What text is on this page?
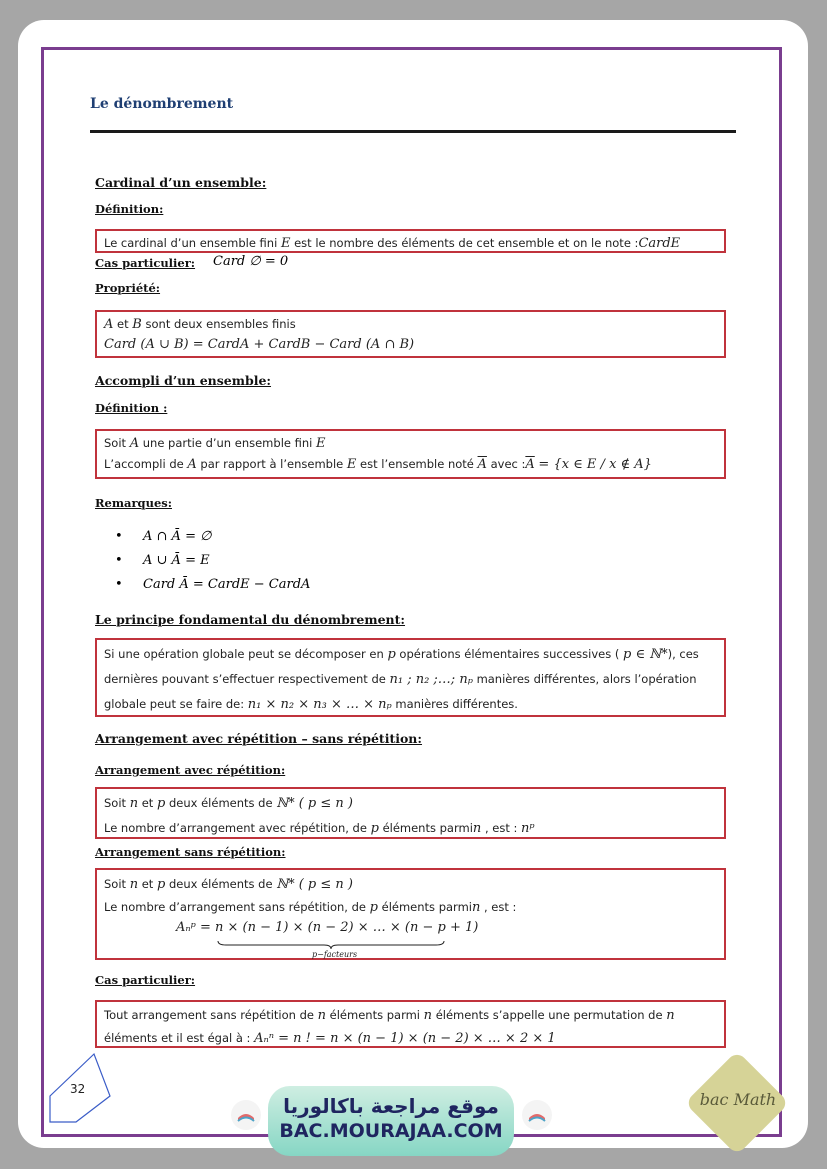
Le dénombrement
Cardinal d’un ensemble:
Définition:
Le cardinal d’un ensemble fini E est le nombre des éléments de cet ensemble et on le note :CardE
Cas particulier: Card ∅ = 0
Propriété:
A et B sont deux ensembles finis
Card (A ∪ B) = CardA + CardB − Card (A ∩ B)
Accompli d’un ensemble:
Définition :
Soit A une partie d’un ensemble fini E
L’accompli de A par rapport à l’ensemble E est l’ensemble noté $\overline{A}$ avec $:\overline{A} = \{x$ ∈ E / x ∉ A}
Remarques:
• A ∩ Ā = ∅
• A ∪ Ā = E
• Card Ā = CardE − CardA
Le principe fondamental du dénombrement:
Si une opération globale peut se décomposer en p opérations élémentaires successives ( p ∈ ℕ*), ces
dernières pouvant s’effectuer respectivement de n₁ ; n₂ ;…; nₚ manières différentes, alors l’opération
globale peut se faire de: n₁ × n₂ × n₃ × … × nₚ manières différentes.
Arrangement avec répétition – sans répétition:
Arrangement avec répétition:
Soit n et p deux éléments de ℕ* ( p ≤ n )
Le nombre d’arrangement avec répétition, de p éléments parmin , est : nᵖ
Arrangement sans répétition:
Soit n et p deux éléments de ℕ* ( p ≤ n )
Le nombre d’arrangement sans répétition, de p éléments parmin , est :
Aₙᵖ = n × (n − 1) × (n − 2) × … × (n − p + 1)
p−facteurs
Cas particulier:
Tout arrangement sans répétition de n éléments parmi n éléments s’appelle une permutation de n
éléments et il est égal à : Aₙⁿ = n ! = n × (n − 1) × (n − 2) × … × 2 × 1
32
موقع مراجعة باكالوريا
BAC.MOURAJAA.COM
bac Math
